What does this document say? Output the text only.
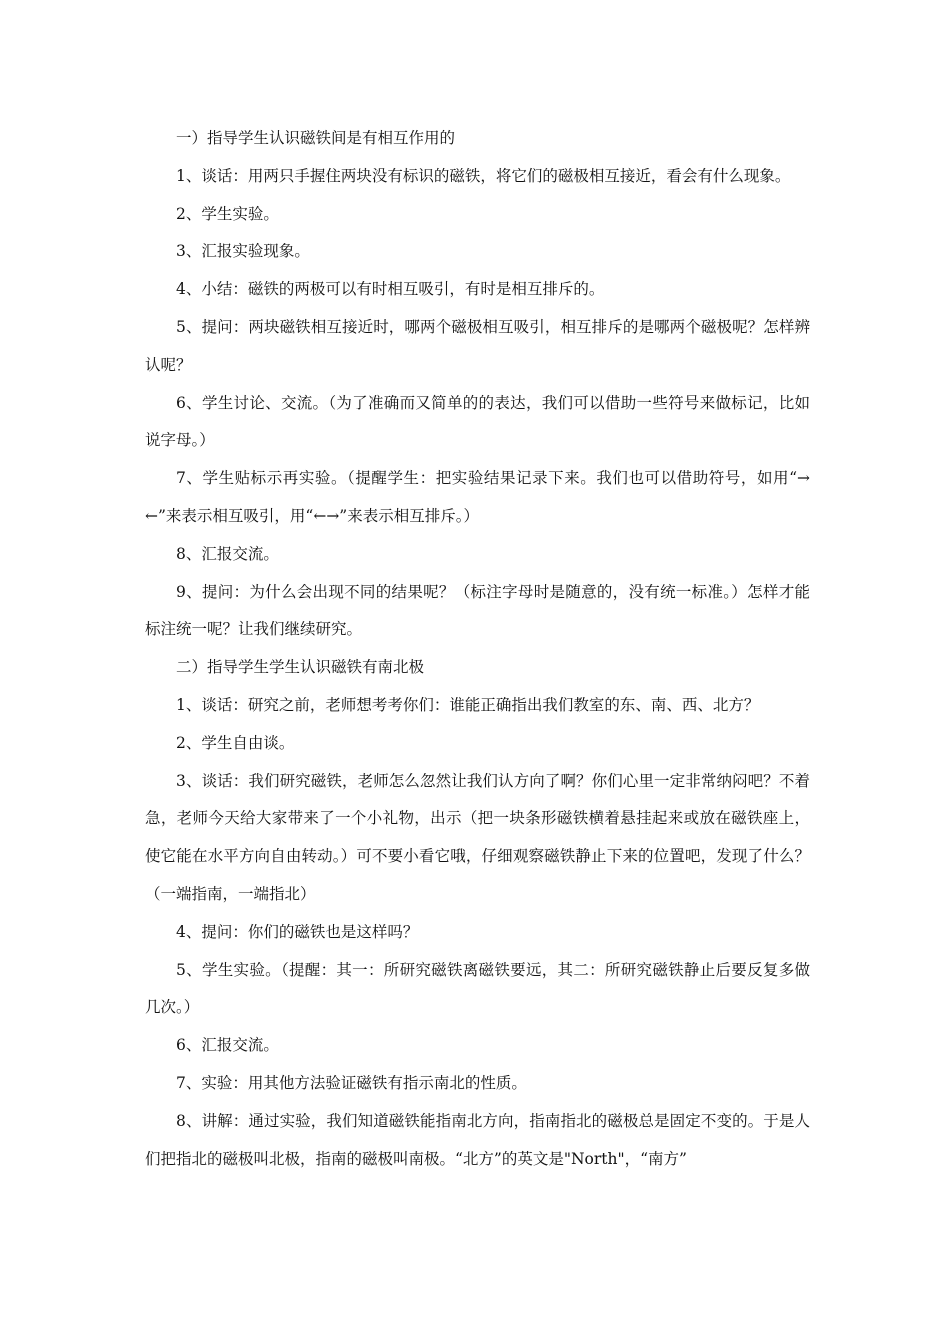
一）指导学生认识磁铁间是有相互作用的

1、谈话：用两只手握住两块没有标识的磁铁，将它们的磁极相互接近，看会有什么现象。

2、学生实验。

3、汇报实验现象。

4、小结：磁铁的两极可以有时相互吸引，有时是相互排斥的。

5、提问：两块磁铁相互接近时，哪两个磁极相互吸引，相互排斥的是哪两个磁极呢？怎样辨认呢？

6、学生讨论、交流。（为了准确而又简单的的表达，我们可以借助一些符号来做标记，比如说字母。）

7、学生贴标示再实验。（提醒学生：把实验结果记录下来。我们也可以借助符号，如用“→←”来表示相互吸引，用“←→”来表示相互排斥。）

8、汇报交流。

9、提问：为什么会出现不同的结果呢？（标注字母时是随意的，没有统一标准。）怎样才能标注统一呢？让我们继续研究。

二）指导学生学生认识磁铁有南北极

1、谈话：研究之前，老师想考考你们：谁能正确指出我们教室的东、南、西、北方？

2、学生自由谈。

3、谈话：我们研究磁铁，老师怎么忽然让我们认方向了啊？你们心里一定非常纳闷吧？不着急，老师今天给大家带来了一个小礼物，出示（把一块条形磁铁横着悬挂起来或放在磁铁座上，使它能在水平方向自由转动。）可不要小看它哦，仔细观察磁铁静止下来的位置吧，发现了什么？（一端指南，一端指北）

4、提问：你们的磁铁也是这样吗？

5、学生实验。（提醒：其一：所研究磁铁离磁铁要远，其二：所研究磁铁静止后要反复多做几次。）

6、汇报交流。

7、实验：用其他方法验证磁铁有指示南北的性质。

8、讲解：通过实验，我们知道磁铁能指南北方向，指南指北的磁极总是固定不变的。于是人们把指北的磁极叫北极，指南的磁极叫南极。“北方”的英文是"North"，“南方”
